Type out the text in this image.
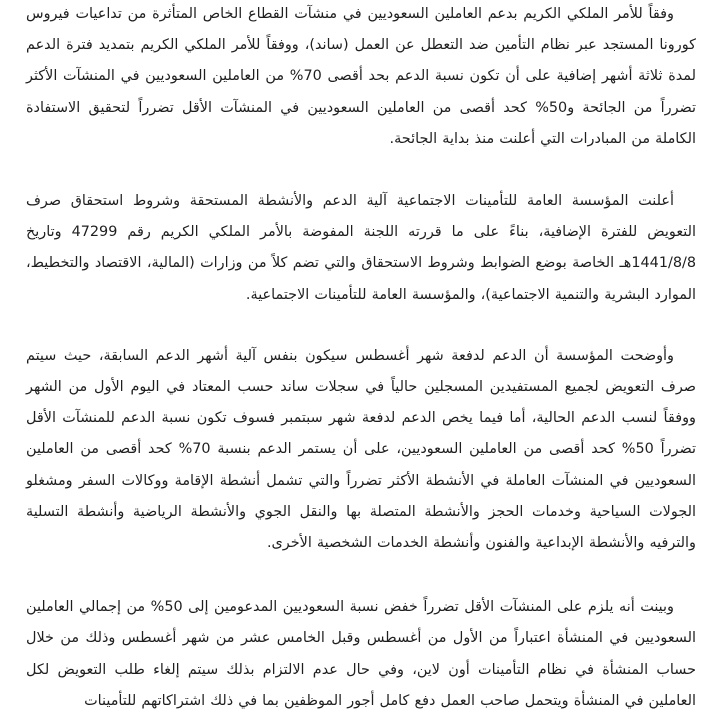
وفقاً للأمر الملكي الكريم بدعم العاملين السعوديين في منشآت القطاع الخاص المتأثرة من تداعيات فيروس كورونا المستجد عبر نظام التأمين ضد التعطل عن العمل (ساند)، ووفقاً للأمر الملكي الكريم بتمديد فترة الدعم لمدة ثلاثة أشهر إضافية على أن تكون نسبة الدعم بحد أقصى 70% من العاملين السعوديين في المنشآت الأكثر تضرراً من الجائحة و50% كحد أقصى من العاملين السعوديين في المنشآت الأقل تضرراً لتحقيق الاستفادة الكاملة من المبادرات التي أعلنت منذ بداية الجائحة.

أعلنت المؤسسة العامة للتأمينات الاجتماعية آلية الدعم والأنشطة المستحقة وشروط استحقاق صرف التعويض للفترة الإضافية، بناءً على ما قررته اللجنة المفوضة بالأمر الملكي الكريم رقم 47299 وتاريخ 1441/8/8هـ الخاصة بوضع الضوابط وشروط الاستحقاق والتي تضم كلاً من وزارات (المالية، الاقتصاد والتخطيط، الموارد البشرية والتنمية الاجتماعية)، والمؤسسة العامة للتأمينات الاجتماعية.

وأوضحت المؤسسة أن الدعم لدفعة شهر أغسطس سيكون بنفس آلية أشهر الدعم السابقة، حيث سيتم صرف التعويض لجميع المستفيدين المسجلين حالياً في سجلات ساند حسب المعتاد في اليوم الأول من الشهر ووفقاً لنسب الدعم الحالية، أما فيما يخص الدعم لدفعة شهر سبتمبر فسوف تكون نسبة الدعم للمنشآت الأقل تضرراً 50% كحد أقصى من العاملين السعوديين، على أن يستمر الدعم بنسبة 70% كحد أقصى من العاملين السعوديين في المنشآت العاملة في الأنشطة الأكثر تضرراً والتي تشمل أنشطة الإقامة ووكالات السفر ومشغلو الجولات السياحية وخدمات الحجز والأنشطة المتصلة بها والنقل الجوي والأنشطة الرياضية وأنشطة التسلية والترفيه والأنشطة الإبداعية والفنون وأنشطة الخدمات الشخصية الأخرى.

وبينت أنه يلزم على المنشآت الأقل تضرراً خفض نسبة السعوديين المدعومين إلى 50% من إجمالي العاملين السعوديين في المنشأة اعتباراً من الأول من أغسطس وقبل الخامس عشر من شهر أغسطس وذلك من خلال حساب المنشأة في نظام التأمينات أون لاين، وفي حال عدم الالتزام بذلك سيتم إلغاء طلب التعويض لكل العاملين في المنشأة ويتحمل صاحب العمل دفع كامل أجور الموظفين بما في ذلك اشتراكاتهم للتأمينات
